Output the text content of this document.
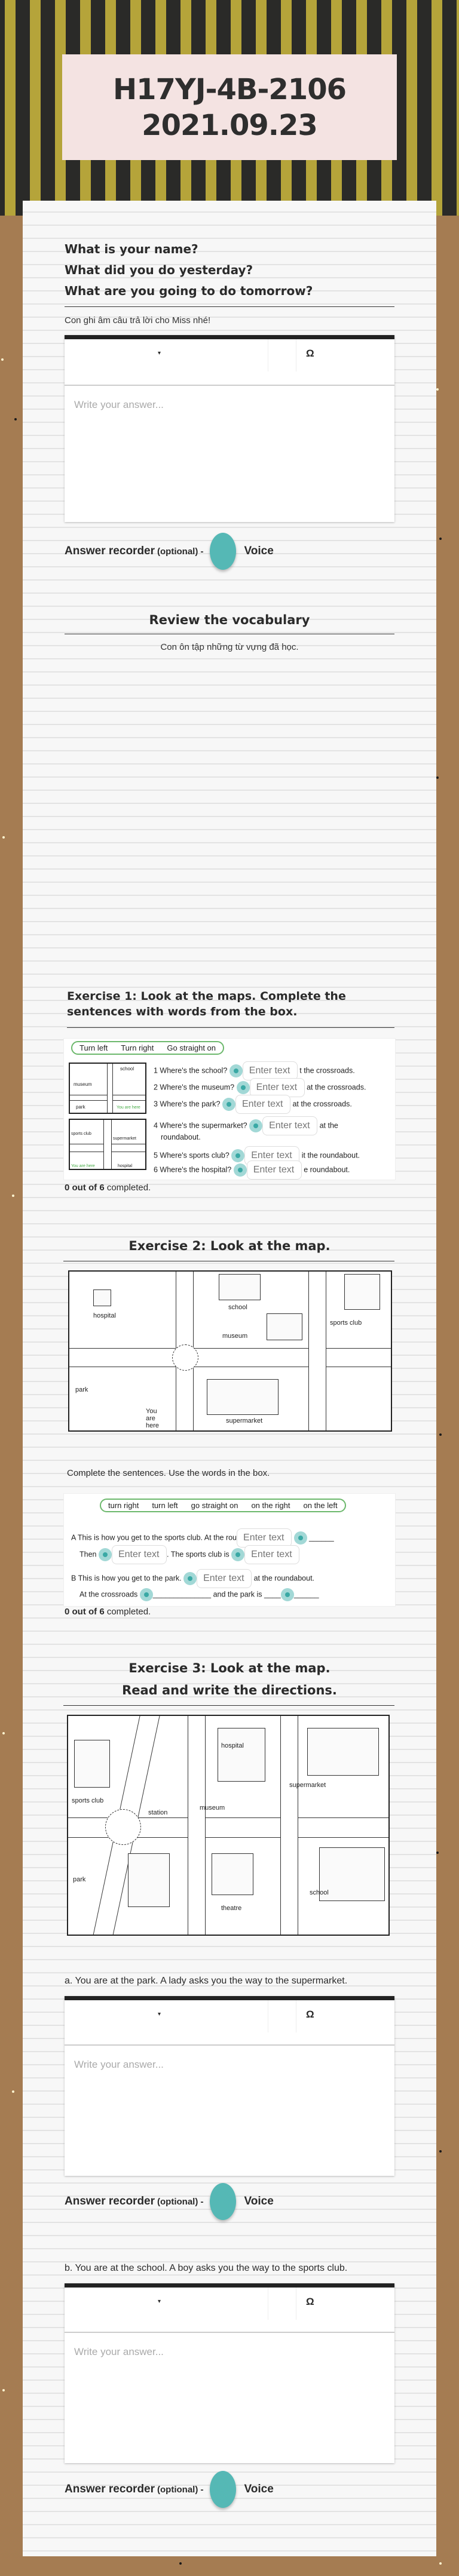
H17YJ-4B-2106
2021.09.23
What is your name?
What did you do yesterday?
What are you going to do tomorrow?
Con ghi âm câu trả lời cho Miss nhé!
▾	Ω
Write your answer...
Answer recorder (optional) -	Voice
Review the vocabulary
Con ôn tập những từ vựng đã học.
Exercise 1: Look at the maps. Complete the sentences with words from the box.
Turn left Turn right Go straight on
school
museum
park	You are here
sports club
supermarket
hospital
You are here
1 Where's the school? Enter text	t the crossroads.
2 Where's the museum? Enter text	at the crossroads.
3 Where's the park? Enter text	at the crossroads.
4 Where's the supermarket? Enter text	at the
roundabout.
5 Where's sports club? Enter text	it the roundabout.
6 Where's the hospital? Enter text	e roundabout.
0 out of 6 completed.
Exercise 2: Look at the map.
hospital
school
museum
sports club
park
supermarket
You are here
Complete the sentences. Use the words in the box.
turn right turn left go straight on on the right on the left
A This is how you get to the sports club. At the rouEnter text	______
Then Enter text	. The sports club is Enter text
B This is how you get to the park. Enter text	at the roundabout.
At the crossroads ______________ and the park is ____ ______
0 out of 6 completed.
Exercise 3: Look at the map.
Read and write the directions.
sports club
station
hospital
museum
supermarket
park
theatre
school
a. You are at the park. A lady asks you the way to the supermarket.
▾	Ω
Write your answer...
Answer recorder (optional) -	Voice
b. You are at the school. A boy asks you the way to the sports club.
▾	Ω
Write your answer...
Answer recorder (optional) -	Voice
